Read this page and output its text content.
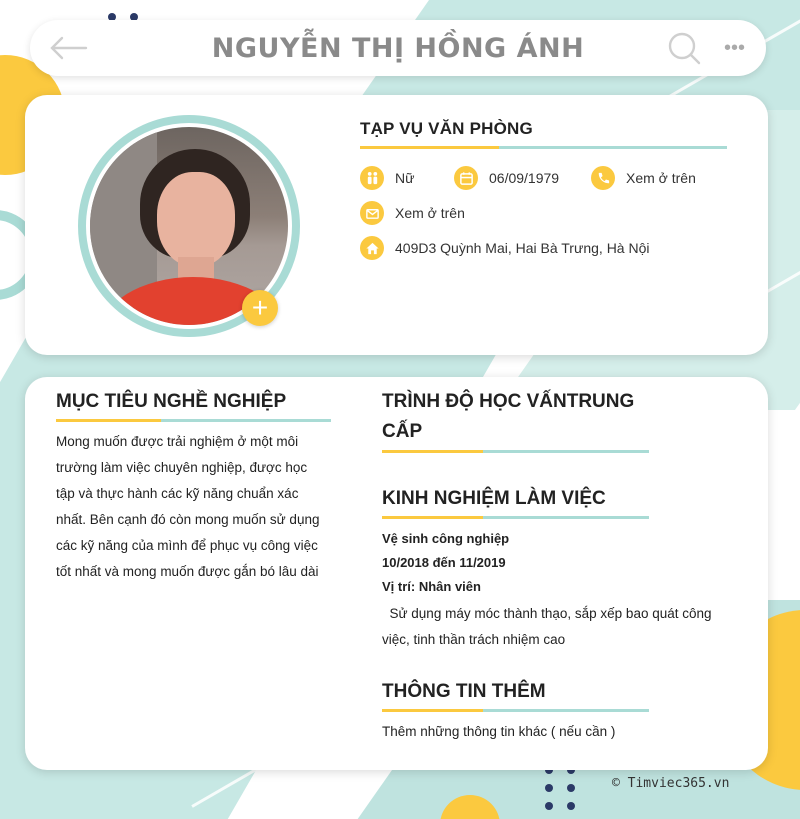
NGUYỄN THỊ HỒNG ÁNH	•••
+
TẠP VỤ VĂN PHÒNG
Nữ	06/09/1979	Xem ở trên
Xem ở trên
409D3 Quỳnh Mai, Hai Bà Trưng, Hà Nội
MỤC TIÊU NGHỀ NGHIỆP
Mong muốn được trải nghiệm ở một môi
trường làm việc chuyên nghiệp, được học
tập và thực hành các kỹ năng chuẩn xác
nhất. Bên cạnh đó còn mong muốn sử dụng
các kỹ năng của mình để phục vụ công việc
tốt nhất và mong muốn được gắn bó lâu dài
TRÌNH ĐỘ HỌC VẤNTRUNG
CẤP
KINH NGHIỆM LÀM VIỆC
Vệ sinh công nghiệp
10/2018 đến 11/2019
Vị trí: Nhân viên
Sử dụng máy móc thành thạo, sắp xếp bao quát công
việc, tinh thần trách nhiệm cao
THÔNG TIN THÊM
Thêm những thông tin khác ( nếu cần )
© Timviec365.vn
